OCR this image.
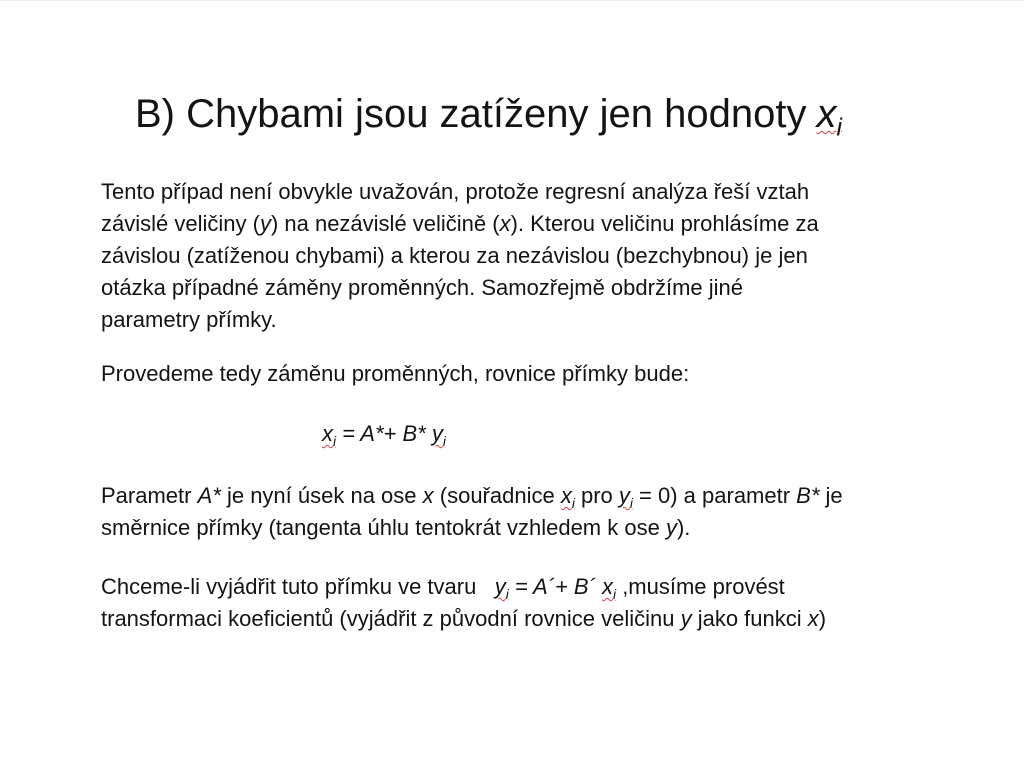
B) Chybami jsou zatíženy jen hodnoty $x_i$

Tento případ není obvykle uvažován, protože regresní analýza řeší vztah
závislé veličiny (y) na nezávislé veličině (x). Kterou veličinu prohlásíme za
závislou (zatíženou chybami) a kterou za nezávislou (bezchybnou) je jen
otázka případné záměny proměnných. Samozřejmě obdržíme jiné
parametry přímky.

Provedeme tedy záměnu proměnných, rovnice přímky bude:

$x_i = A*+ B*$ $y_i$

Parametr A* je nyní úsek na ose x (souřadnice $x_i$ pro $y_i = 0$) a parametr B* je
směrnice přímky (tangenta úhlu tentokrát vzhledem k ose y).

Chceme-li vyjádřit tuto přímku ve tvaru   $y_i$ = A´+ B´ $x_i$ ,musíme provést
transformaci koeficientů (vyjádřit z původní rovnice veličinu y jako funkci x)
